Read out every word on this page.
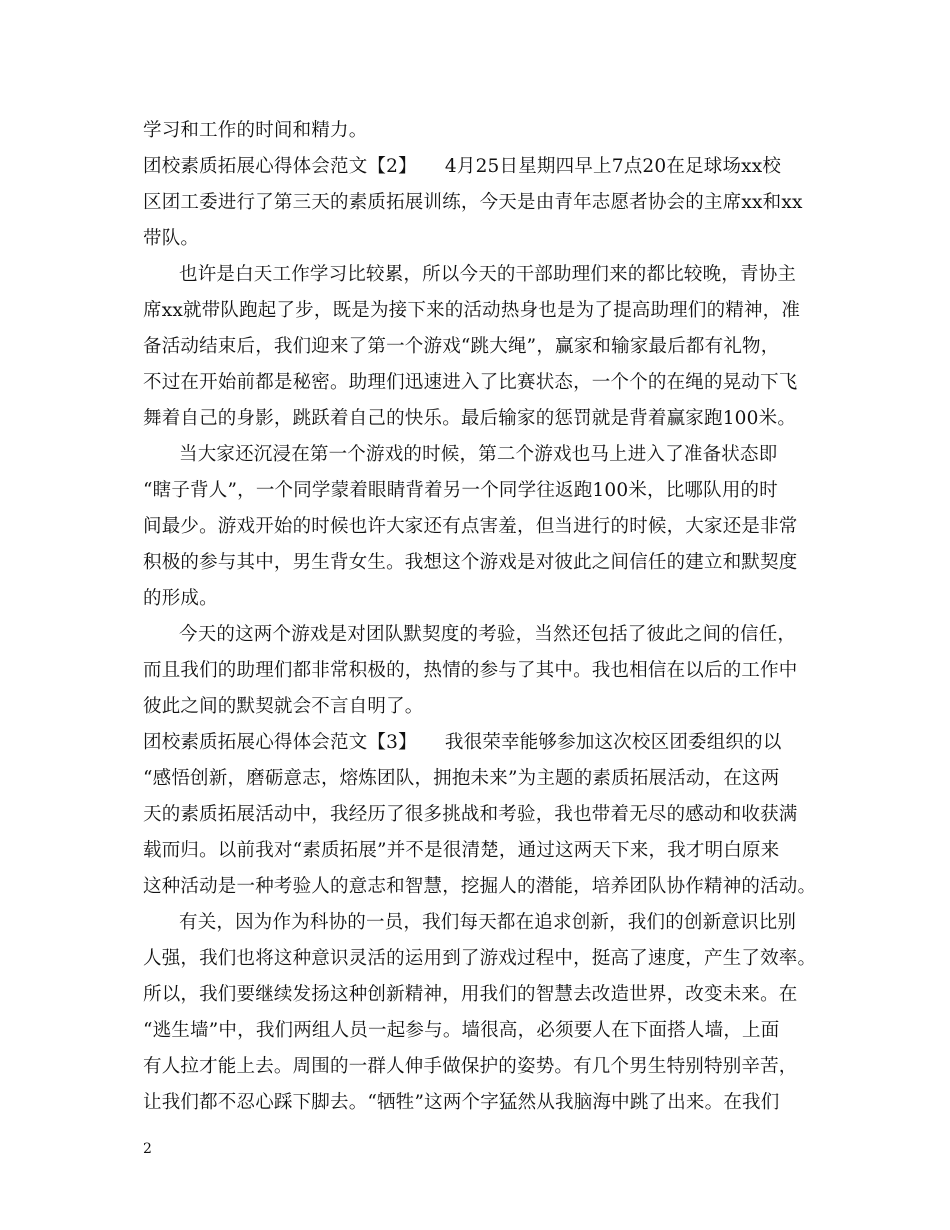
学习和工作的时间和精力。
团校素质拓展心得体会范文【2】　　4月25日星期四早上7点20在足球场xx校
区团工委进行了第三天的素质拓展训练，今天是由青年志愿者协会的主席xx和xx
带队。
也许是白天工作学习比较累，所以今天的干部助理们来的都比较晚，青协主
席xx就带队跑起了步，既是为接下来的活动热身也是为了提高助理们的精神，准
备活动结束后，我们迎来了第一个游戏“跳大绳”，赢家和输家最后都有礼物，
不过在开始前都是秘密。助理们迅速进入了比赛状态，一个个的在绳的晃动下飞
舞着自己的身影，跳跃着自己的快乐。最后输家的惩罚就是背着赢家跑100米。
当大家还沉浸在第一个游戏的时候，第二个游戏也马上进入了准备状态即
“瞎子背人”，一个同学蒙着眼睛背着另一个同学往返跑100米，比哪队用的时
间最少。游戏开始的时候也许大家还有点害羞，但当进行的时候，大家还是非常
积极的参与其中，男生背女生。我想这个游戏是对彼此之间信任的建立和默契度
的形成。
今天的这两个游戏是对团队默契度的考验，当然还包括了彼此之间的信任，
而且我们的助理们都非常积极的，热情的参与了其中。我也相信在以后的工作中
彼此之间的默契就会不言自明了。
团校素质拓展心得体会范文【3】　　我很荣幸能够参加这次校区团委组织的以
“感悟创新，磨砺意志，熔炼团队，拥抱未来”为主题的素质拓展活动，在这两
天的素质拓展活动中，我经历了很多挑战和考验，我也带着无尽的感动和收获满
载而归。以前我对“素质拓展”并不是很清楚，通过这两天下来，我才明白原来
这种活动是一种考验人的意志和智慧，挖掘人的潜能，培养团队协作精神的活动。
有关，因为作为科协的一员，我们每天都在追求创新，我们的创新意识比别
人强，我们也将这种意识灵活的运用到了游戏过程中，挺高了速度，产生了效率。
所以，我们要继续发扬这种创新精神，用我们的智慧去改造世界，改变未来。在
“逃生墙”中，我们两组人员一起参与。墙很高，必须要人在下面搭人墙，上面
有人拉才能上去。周围的一群人伸手做保护的姿势。有几个男生特别特别辛苦，
让我们都不忍心踩下脚去。“牺牲”这两个字猛然从我脑海中跳了出来。在我们
2
